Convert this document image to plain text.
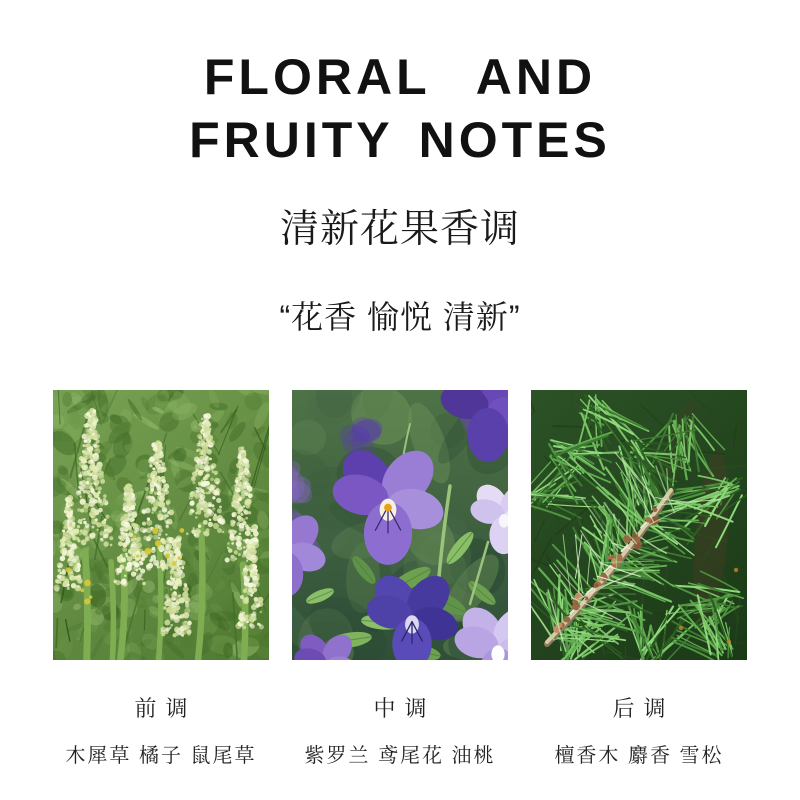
FLORAL AND
FRUITY NOTES
清新花果香调

“花香 愉悦 清新”

前调
木犀草 橘子 鼠尾草
中调
紫罗兰 鸢尾花 油桃
后调
檀香木 麝香 雪松
